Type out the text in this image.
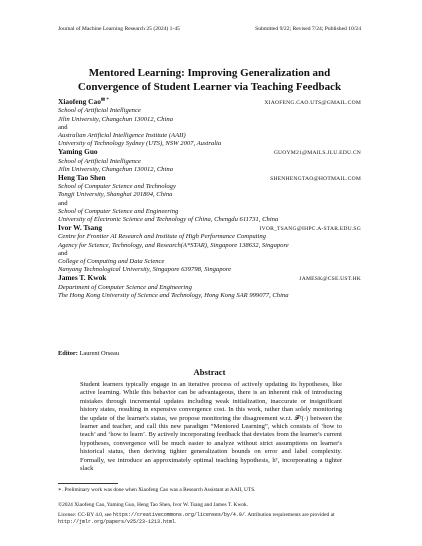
Journal of Machine Learning Research 25 (2024) 1-45	Submitted 9/22; Revised 7/24; Published 10/24
Mentored Learning: Improving Generalization and
Convergence of Student Learner via Teaching Feedback
Xiaofeng Cao✉ *	XIAOFENG.CAO.UTS@GMAIL.COM
School of Artificial Intelligence
Jilin University, Changchun 130012, China
and
Australian Artificial Intelligence Institute (AAII)
University of Technology Sydney (UTS), NSW 2007, Australia
Yaming Guo	GUOYM21@MAILS.JLU.EDU.CN
School of Artificial Intelligence
Jilin University, Changchun 130012, China
Heng Tao Shen	SHENHENGTAO@HOTMAIL.COM
School of Computer Science and Technology
Tongji University, Shanghai 201804, China
and
School of Computer Science and Engineering
University of Electronic Science and Technology of China, Chengdu 611731, China
Ivor W. Tsang	IVOR_TSANG@IHPC.A-STAR.EDU.SG
Centre for Frontier AI Research and Institute of High Performance Computing
Agency for Science, Technology, and Research(A*STAR), Singapore 138632, Singapore
and
College of Computing and Data Science
Nanyang Technological University, Singapore 639798, Singapore
James T. Kwok	JAMESK@CSE.UST.HK
Department of Computer Science and Engineering
The Hong Kong University of Science and Technology, Hong Kong SAR 999077, China
Editor: Laurent Orseau
Abstract
Student learners typically engage in an iterative process of actively updating its hypotheses, like active learning. While this behavior can be advantageous, there is an inherent risk of introducing mistakes through incremental updates including weak initialization, inaccurate or insignificant history states, resulting in expensive convergence cost. In this work, rather than solely monitoring the update of the learner's status, we propose monitoring the disagreement w.r.t. 𝓕ᵀ(·) between the learner and teacher, and call this new paradigm “Mentored Learning”, which consists of ‘how to teach’ and ‘how to learn’. By actively incorporating feedback that deviates from the learner's current hypotheses, convergence will be much easier to analyze without strict assumptions on learner's historical status, then deriving tighter generalization bounds on error and label complexity. Formally, we introduce an approximately optimal teaching hypothesis, hᵀ, incorporating a tighter slack
∗. Preliminary work was done when Xiaofeng Cao was a Research Assistant at AAII, UTS.
©2024 Xiaofeng Cao, Yaming Guo, Heng Tao Shen, Ivor W. Tsang and James T. Kwok.
License: CC-BY 4.0, see https://creativecommons.org/licenses/by/4.0/. Attribution requirements are provided at http://jmlr.org/papers/v25/23-1213.html.
